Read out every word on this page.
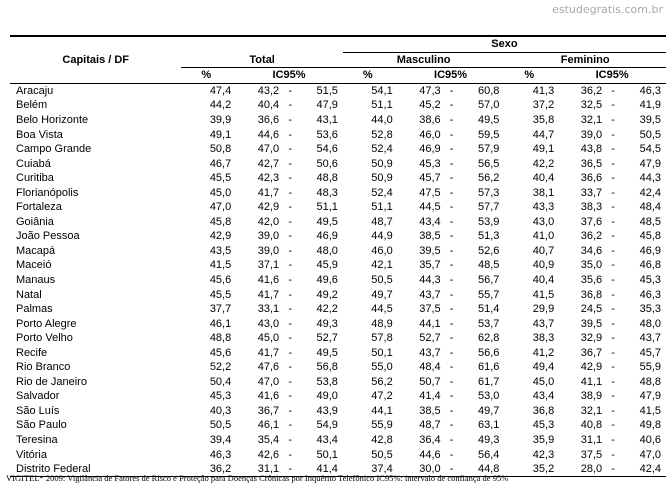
estudegratis.com.br
					Sexo							
Capitais / DF	Total				Masculino				Feminino			
	%	IC95%			%	IC95%			%	IC95%		
Aracaju	47,4	43,2	-	51,5	54,1	47,3	-	60,8	41,3	36,2	-	46,3
Belém	44,2	40,4	-	47,9	51,1	45,2	-	57,0	37,2	32,5	-	41,9
Belo Horizonte	39,9	36,6	-	43,1	44,0	38,6	-	49,5	35,8	32,1	-	39,5
Boa Vista	49,1	44,6	-	53,6	52,8	46,0	-	59,5	44,7	39,0	-	50,5
Campo Grande	50,8	47,0	-	54,6	52,4	46,9	-	57,9	49,1	43,8	-	54,5
Cuiabá	46,7	42,7	-	50,6	50,9	45,3	-	56,5	42,2	36,5	-	47,9
Curitiba	45,5	42,3	-	48,8	50,9	45,7	-	56,2	40,4	36,6	-	44,3
Florianópolis	45,0	41,7	-	48,3	52,4	47,5	-	57,3	38,1	33,7	-	42,4
Fortaleza	47,0	42,9	-	51,1	51,1	44,5	-	57,7	43,3	38,3	-	48,4
Goiânia	45,8	42,0	-	49,5	48,7	43,4	-	53,9	43,0	37,6	-	48,5
João Pessoa	42,9	39,0	-	46,9	44,9	38,5	-	51,3	41,0	36,2	-	45,8
Macapá	43,5	39,0	-	48,0	46,0	39,5	-	52,6	40,7	34,6	-	46,9
Maceió	41,5	37,1	-	45,9	42,1	35,7	-	48,5	40,9	35,0	-	46,8
Manaus	45,6	41,6	-	49,6	50,5	44,3	-	56,7	40,4	35,6	-	45,3
Natal	45,5	41,7	-	49,2	49,7	43,7	-	55,7	41,5	36,8	-	46,3
Palmas	37,7	33,1	-	42,2	44,5	37,5	-	51,4	29,9	24,5	-	35,3
Porto Alegre	46,1	43,0	-	49,3	48,9	44,1	-	53,7	43,7	39,5	-	48,0
Porto Velho	48,8	45,0	-	52,7	57,8	52,7	-	62,8	38,3	32,9	-	43,7
Recife	45,6	41,7	-	49,5	50,1	43,7	-	56,6	41,2	36,7	-	45,7
Rio Branco	52,2	47,6	-	56,8	55,0	48,4	-	61,6	49,4	42,9	-	55,9
Rio de Janeiro	50,4	47,0	-	53,8	56,2	50,7	-	61,7	45,0	41,1	-	48,8
Salvador	45,3	41,6	-	49,0	47,2	41,4	-	53,0	43,4	38,9	-	47,9
São Luís	40,3	36,7	-	43,9	44,1	38,5	-	49,7	36,8	32,1	-	41,5
São Paulo	50,5	46,1	-	54,9	55,9	48,7	-	63,1	45,3	40,8	-	49,8
Teresina	39,4	35,4	-	43,4	42,8	36,4	-	49,3	35,9	31,1	-	40,6
Vitória	46,3	42,6	-	50,1	50,5	44,6	-	56,4	42,3	37,5	-	47,0
Distrito Federal	36,2	31,1	-	41,4	37,4	30,0	-	44,8	35,2	28,0	-	42,4
VIGITEL* 2009: Vigilância de Fatores de Risco e Proteção para Doenças Crônicas por Inquérito Telefônico IC95%: intervalo de confiança de 95%
